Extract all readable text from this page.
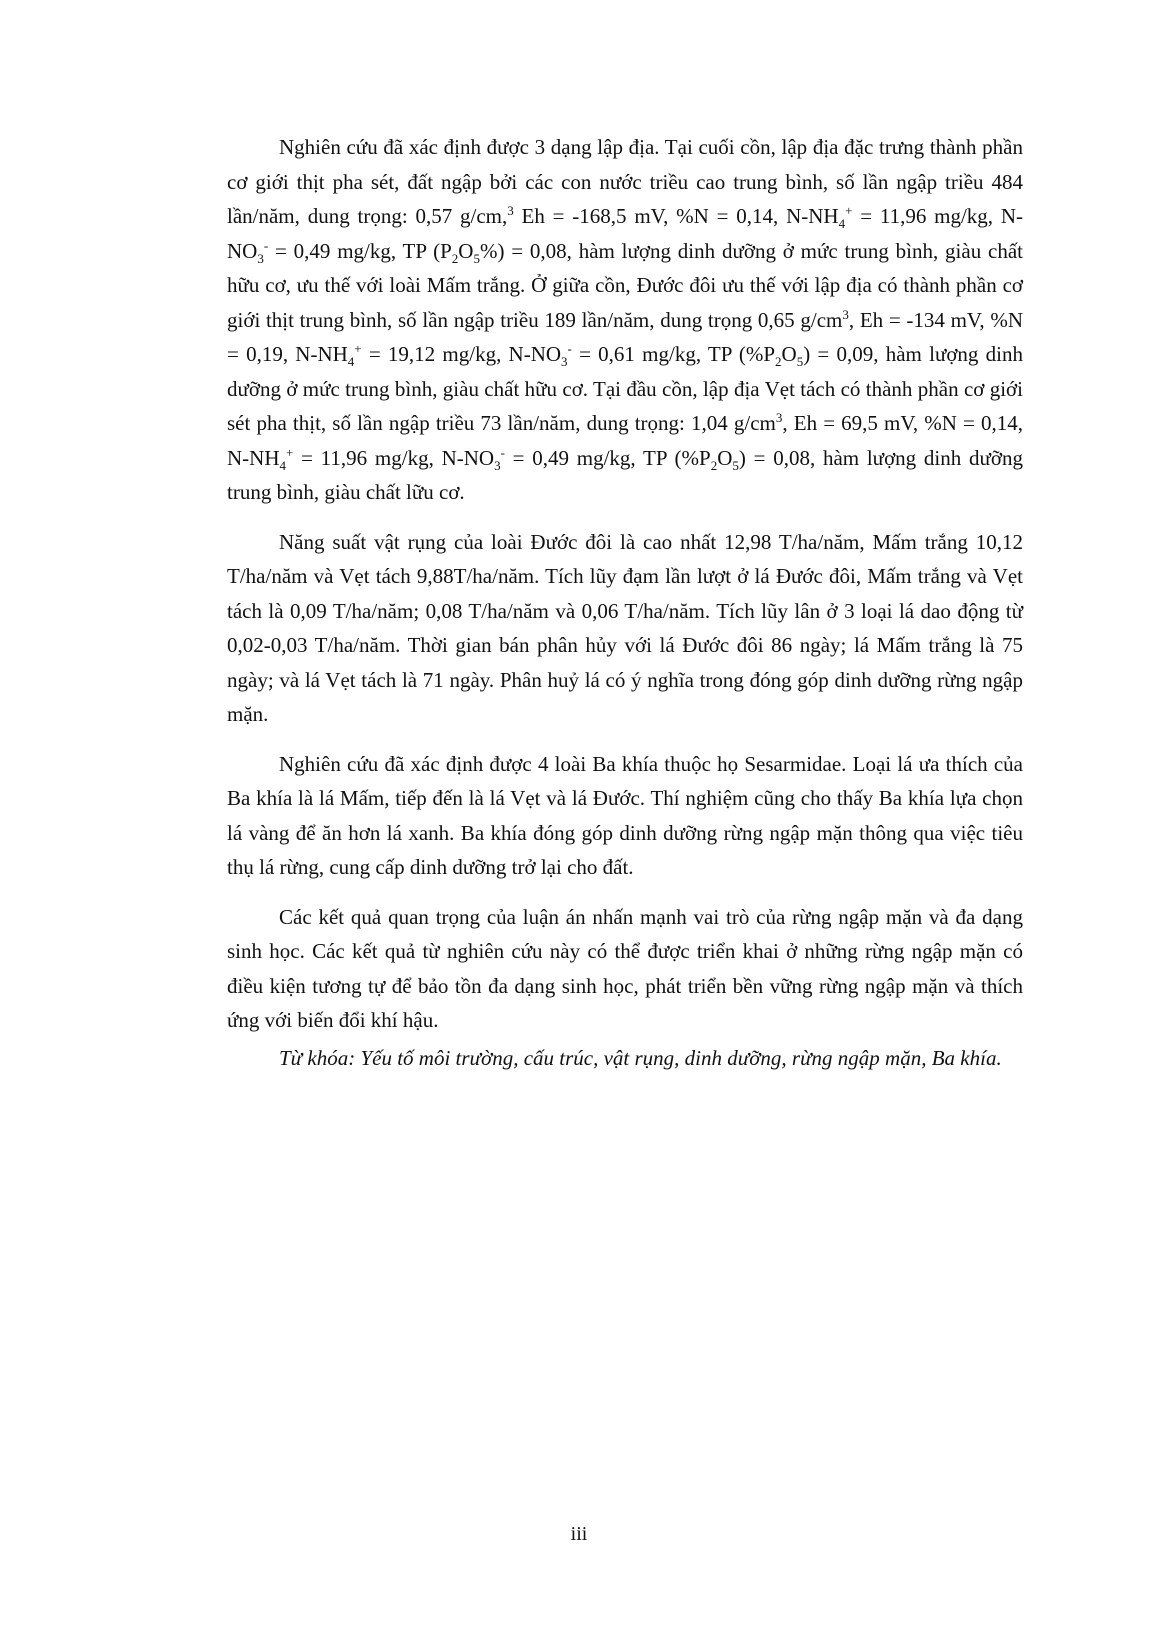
Nghiên cứu đã xác định được 3 dạng lập địa. Tại cuối cồn, lập địa đặc trưng thành phần cơ giới thịt pha sét, đất ngập bởi các con nước triều cao trung bình, số lần ngập triều 484 lần/năm, dung trọng: 0,57 g/cm,$^3$ Eh = -168,5 mV, %N = 0,14, $N-NH_4^+ = 11,96$ mg/kg, $N-NO_3^- = 0,49$ mg/kg, TP $(P_2O_5\%) = 0,08$, hàm lượng dinh dưỡng ở mức trung bình, giàu chất hữu cơ, ưu thế với loài Mấm trắng. Ở giữa cồn, Đước đôi ưu thế với lập địa có thành phần cơ giới thịt trung bình, số lần ngập triều 189 lần/năm, dung trọng 0,65 $g/cm^3$, Eh = -134 mV, %N = 0,19, $N-NH_4^+ = 19,12$ mg/kg, $N-NO_3^- = 0,61$ mg/kg, TP $(\%P_2O_5) = 0,09$, hàm lượng dinh dưỡng ở mức trung bình, giàu chất hữu cơ. Tại đầu cồn, lập địa Vẹt tách có thành phần cơ giới sét pha thịt, số lần ngập triều 73 lần/năm, dung trọng: 1,04 $g/cm^3$, Eh = 69,5 mV, %N = 0,14, $N-NH_4^+ = 11,96$ mg/kg, $N-NO_3^- = 0,49$ mg/kg, TP $(\%P_2O_5) = 0,08$, hàm lượng dinh dưỡng trung bình, giàu chất lữu cơ.

Năng suất vật rụng của loài Đước đôi là cao nhất 12,98 T/ha/năm, Mấm trắng 10,12 T/ha/năm và Vẹt tách 9,88T/ha/năm. Tích lũy đạm lần lượt ở lá Đước đôi, Mấm trắng và Vẹt tách là 0,09 T/ha/năm; 0,08 T/ha/năm và 0,06 T/ha/năm. Tích lũy lân ở 3 loại lá dao động từ 0,02-0,03 T/ha/năm. Thời gian bán phân hủy với lá Đước đôi 86 ngày; lá Mấm trắng là 75 ngày; và lá Vẹt tách là 71 ngày. Phân huỷ lá có ý nghĩa trong đóng góp dinh dưỡng rừng ngập mặn.

Nghiên cứu đã xác định được 4 loài Ba khía thuộc họ Sesarmidae. Loại lá ưa thích của Ba khía là lá Mấm, tiếp đến là lá Vẹt và lá Đước. Thí nghiệm cũng cho thấy Ba khía lựa chọn lá vàng để ăn hơn lá xanh. Ba khía đóng góp dinh dưỡng rừng ngập mặn thông qua việc tiêu thụ lá rừng, cung cấp dinh dưỡng trở lại cho đất.

Các kết quả quan trọng của luận án nhấn mạnh vai trò của rừng ngập mặn và đa dạng sinh học. Các kết quả từ nghiên cứu này có thể được triển khai ở những rừng ngập mặn có điều kiện tương tự để bảo tồn đa dạng sinh học, phát triển bền vững rừng ngập mặn và thích ứng với biến đổi khí hậu.

Từ khóa: Yếu tố môi trường, cấu trúc, vật rụng, dinh dưỡng, rừng ngập mặn, Ba khía.

iii
